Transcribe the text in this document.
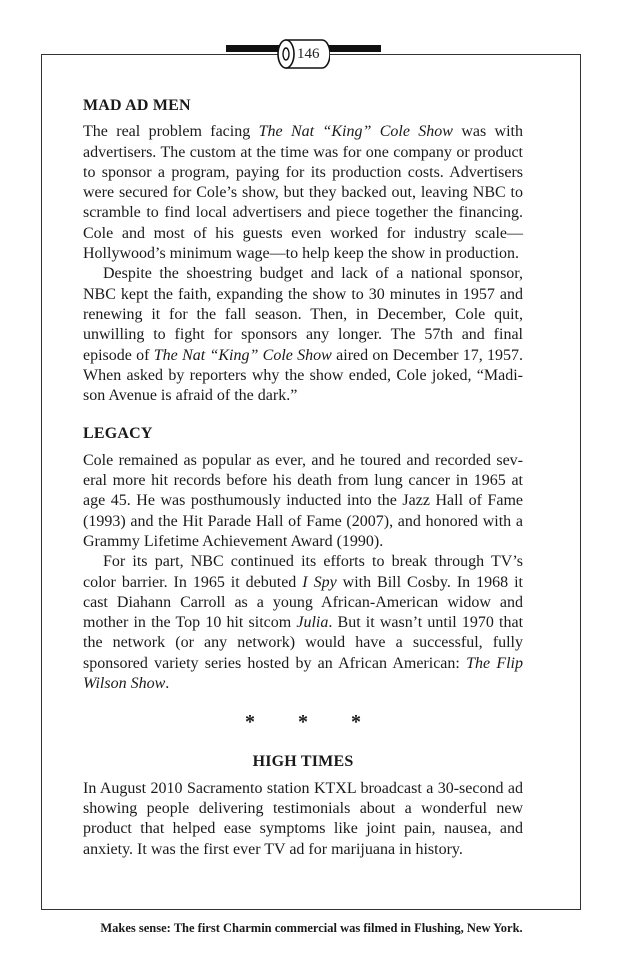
146
MAD AD MEN

The real problem facing The Nat “King” Cole Show was with advertisers. The custom at the time was for one company or product to sponsor a program, paying for its production costs. Advertisers were secured for Cole’s show, but they backed out, leaving NBC to scramble to find local advertisers and piece together the financing. Cole and most of his guests even worked for industry scale—Hollywood’s minimum wage—to help keep the show in production.

Despite the shoestring budget and lack of a national sponsor, NBC kept the faith, expanding the show to 30 minutes in 1957 and renewing it for the fall season. Then, in December, Cole quit, unwilling to fight for sponsors any longer. The 57th and final episode of The Nat “King” Cole Show aired on December 17, 1957. When asked by reporters why the show ended, Cole joked, “Madison Avenue is afraid of the dark.”

LEGACY

Cole remained as popular as ever, and he toured and recorded several more hit records before his death from lung cancer in 1965 at age 45. He was posthumously inducted into the Jazz Hall of Fame (1993) and the Hit Parade Hall of Fame (2007), and honored with a Grammy Lifetime Achievement Award (1990).

For its part, NBC continued its efforts to break through TV’s color barrier. In 1965 it debuted I Spy with Bill Cosby. In 1968 it cast Diahann Carroll as a young African-American widow and mother in the Top 10 hit sitcom Julia. But it wasn’t until 1970 that the network (or any network) would have a successful, fully sponsored variety series hosted by an African American: The Flip Wilson Show.

* * *
HIGH TIMES

In August 2010 Sacramento station KTXL broadcast a 30-second ad showing people delivering testimonials about a wonderful new product that helped ease symptoms like joint pain, nausea, and anxiety. It was the first ever TV ad for marijuana in history.

Makes sense: The first Charmin commercial was filmed in Flushing, New York.
